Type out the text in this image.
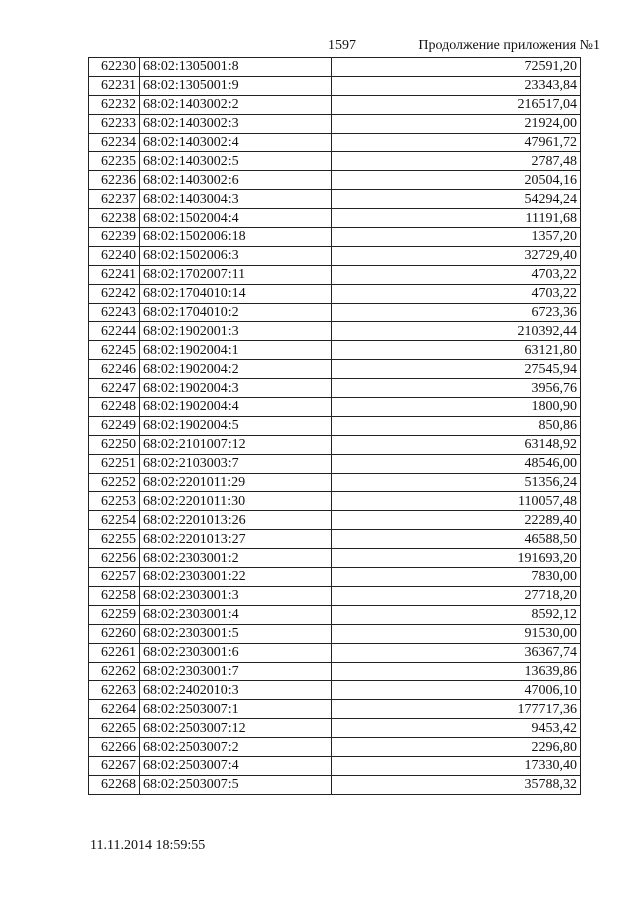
1597	Продолжение приложения №1
62230	68:02:1305001:8	72591,20
62231	68:02:1305001:9	23343,84
62232	68:02:1403002:2	216517,04
62233	68:02:1403002:3	21924,00
62234	68:02:1403002:4	47961,72
62235	68:02:1403002:5	2787,48
62236	68:02:1403002:6	20504,16
62237	68:02:1403004:3	54294,24
62238	68:02:1502004:4	11191,68
62239	68:02:1502006:18	1357,20
62240	68:02:1502006:3	32729,40
62241	68:02:1702007:11	4703,22
62242	68:02:1704010:14	4703,22
62243	68:02:1704010:2	6723,36
62244	68:02:1902001:3	210392,44
62245	68:02:1902004:1	63121,80
62246	68:02:1902004:2	27545,94
62247	68:02:1902004:3	3956,76
62248	68:02:1902004:4	1800,90
62249	68:02:1902004:5	850,86
62250	68:02:2101007:12	63148,92
62251	68:02:2103003:7	48546,00
62252	68:02:2201011:29	51356,24
62253	68:02:2201011:30	110057,48
62254	68:02:2201013:26	22289,40
62255	68:02:2201013:27	46588,50
62256	68:02:2303001:2	191693,20
62257	68:02:2303001:22	7830,00
62258	68:02:2303001:3	27718,20
62259	68:02:2303001:4	8592,12
62260	68:02:2303001:5	91530,00
62261	68:02:2303001:6	36367,74
62262	68:02:2303001:7	13639,86
62263	68:02:2402010:3	47006,10
62264	68:02:2503007:1	177717,36
62265	68:02:2503007:12	9453,42
62266	68:02:2503007:2	2296,80
62267	68:02:2503007:4	17330,40
62268	68:02:2503007:5	35788,32
11.11.2014 18:59:55
